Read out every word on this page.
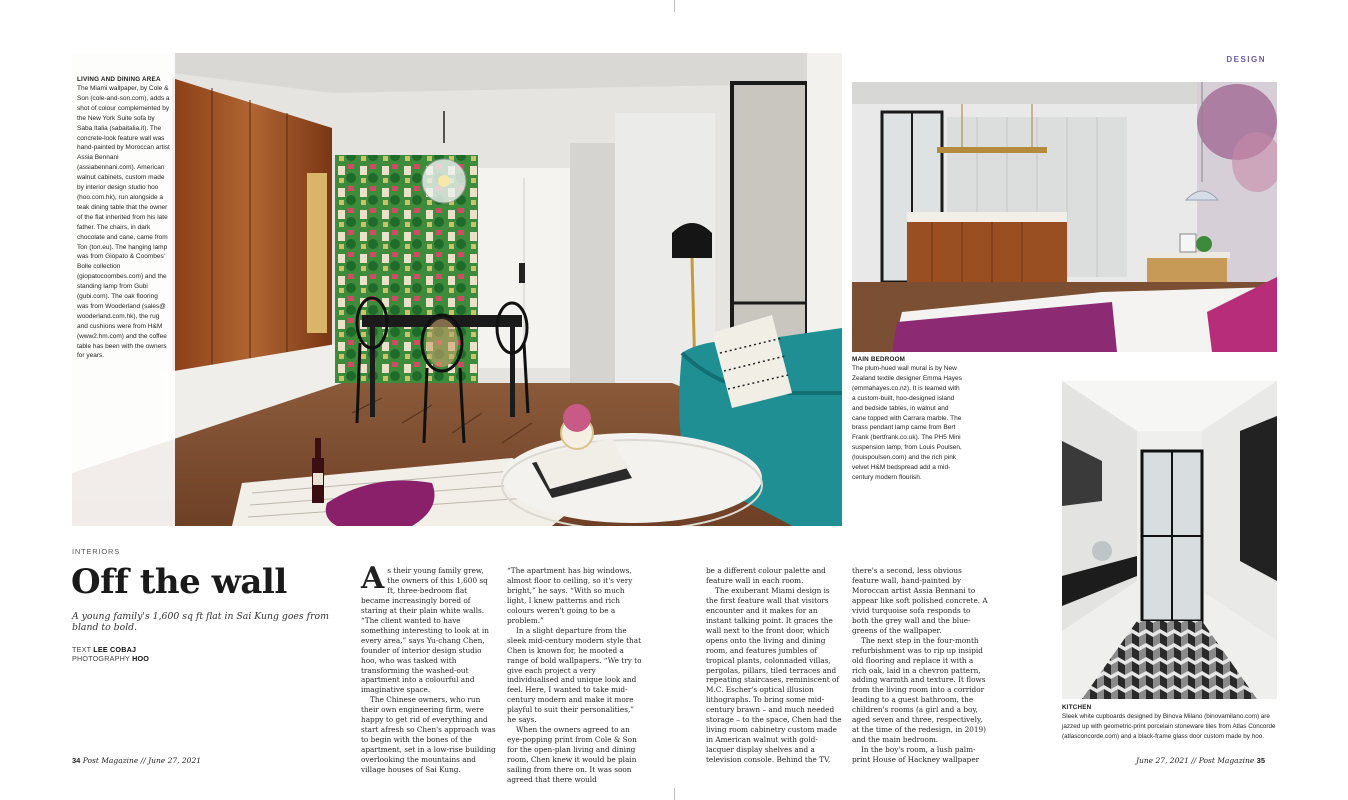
LIVING AND DINING AREA
The Miami wallpaper, by Cole & Son (cole-and-son.com), adds a shot of colour complemented by the New York Suite sofa by Saba Italia (sabaitalia.it). The concrete-look feature wall was hand-painted by Moroccan artist Assia Bennani (assiabennani.com). American walnut cabinets, custom made by interior design studio hoo (hoo.com.hk), run alongside a teak dining table that the owner of the flat inherited from his late father. The chairs, in dark chocolate and cane, came from Ton (ton.eu). The hanging lamp was from Giopato & Coombes' Bolle collection (giopatocoombes.com) and the standing lamp from Gubi (gubi.com). The oak flooring was from Wooderland (sales@ wooderland.com.hk), the rug and cushions were from H&M (www2.hm.com) and the coffee table has been with the owners for years.
MAIN BEDROOM
The plum-hued wall mural is by New Zealand textile designer Emma Hayes (emmahayes.co.nz). It is teamed with a custom-built, hoo-designed island and bedside tables, in walnut and cane topped with Carrara marble. The brass pendant lamp came from Bert Frank (bertfrank.co.uk). The PH5 Mini suspension lamp, from Louis Poulsen, (louispoulsen.com) and the rich pink velvet H&M bedspread add a mid-century modern flourish.
KITCHEN
Sleek white cupboards designed by Binova Milano (binovamilano.com) are jazzed up with geometric-print porcelain stoneware tiles from Atlas Concorde (atlasconcorde.com) and a black-frame glass door custom made by hoo.
DESIGN
INTERIORS
Off the wall
A young family's 1,600 sq ft flat in Sai Kung goes from bland to bold.
TEXT LEE COBAJ
PHOTOGRAPHY HOO

As their young family grew, the owners of this 1,600 sq ft, three-bedroom flat became increasingly bored of staring at their plain white walls. “The client wanted to have something interesting to look at in every area,” says Yu-chang Chen, founder of interior design studio hoo, who was tasked with transforming the washed-out apartment into a colourful and imaginative space.

The Chinese owners, who run their own engineering firm, were happy to get rid of everything and start afresh so Chen's approach was to begin with the bones of the apartment, set in a low-rise building overlooking the mountains and village houses of Sai Kung.

“The apartment has big windows, almost floor to ceiling, so it's very bright,” he says. “With so much light, I knew patterns and rich colours weren't going to be a problem.”

In a slight departure from the sleek mid-century modern style that Chen is known for, he mooted a range of bold wallpapers. “We try to give each project a very individualised and unique look and feel. Here, I wanted to take mid-century modern and make it more playful to suit their personalities,” he says.

When the owners agreed to an eye-popping print from Cole & Son for the open-plan living and dining room, Chen knew it would be plain sailing from there on. It was soon agreed that there would

be a different colour palette and feature wall in each room.

The exuberant Miami design is the first feature wall that visitors encounter and it makes for an instant talking point. It graces the wall next to the front door, which opens onto the living and dining room, and features jumbles of tropical plants, colonnaded villas, pergolas, pillars, tiled terraces and repeating staircases, reminiscent of M.C. Escher's optical illusion lithographs. To bring some mid-century brawn – and much needed storage – to the space, Chen had the living room cabinetry custom made in American walnut with gold-lacquer display shelves and a television console. Behind the TV,

there's a second, less obvious feature wall, hand-painted by Moroccan artist Assia Bennani to appear like soft polished concrete. A vivid turquoise sofa responds to both the grey wall and the blue-greens of the wallpaper.

The next step in the four-month refurbishment was to rip up insipid old flooring and replace it with a rich oak, laid in a chevron pattern, adding warmth and texture. It flows from the living room into a corridor leading to a guest bathroom, the children's rooms (a girl and a boy, aged seven and three, respectively, at the time of the redesign, in 2019) and the main bedroom.

In the boy's room, a lush palm-print House of Hackney wallpaper

34 Post Magazine // June 27, 2021	June 27, 2021 // Post Magazine 35
